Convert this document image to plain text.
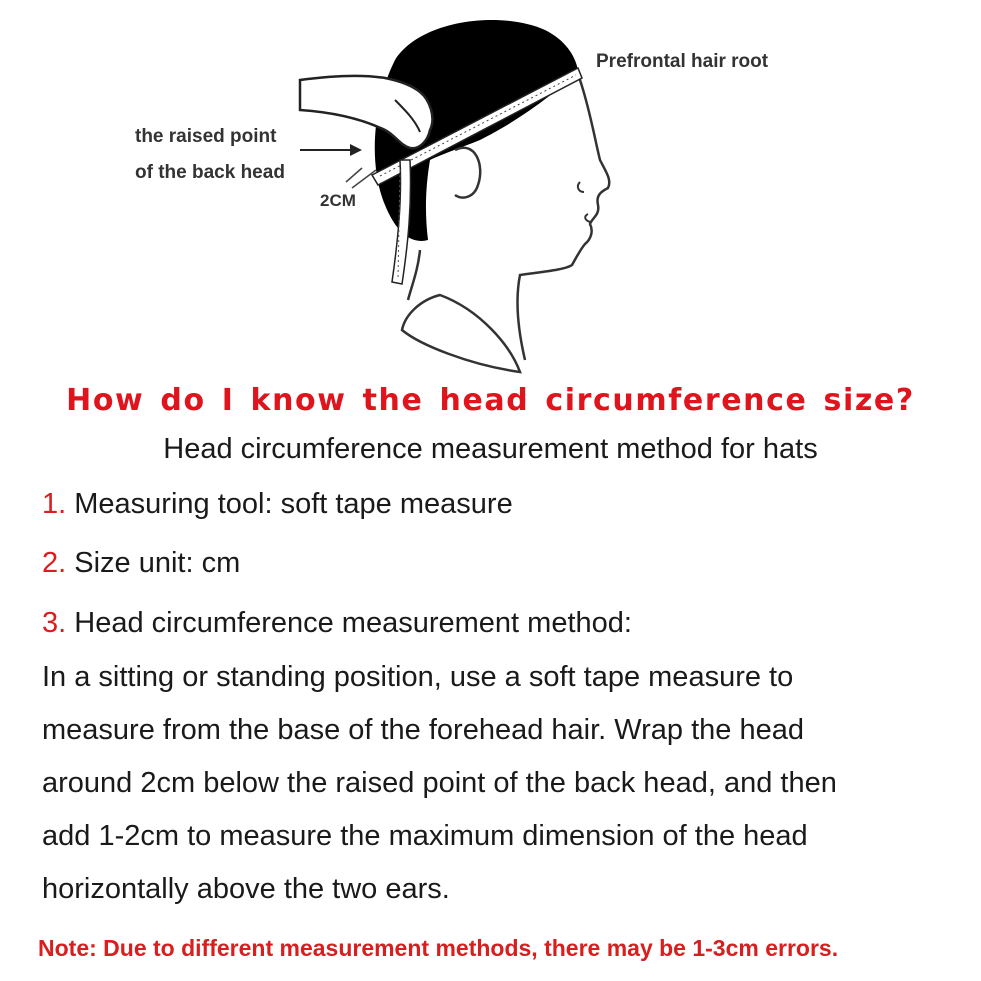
Prefrontal hair root
the raised point
of the back head
2CM
How do I know the head circumference size?
Head circumference measurement method for hats
1. Measuring tool: soft tape measure
2. Size unit: cm
3. Head circumference measurement method:
In a sitting or standing position, use a soft tape measure to
measure from the base of the forehead hair. Wrap the head
around 2cm below the raised point of the back head, and then
add 1-2cm to measure the maximum dimension of the head
horizontally above the two ears.
Note: Due to different measurement methods, there may be 1-3cm errors.
